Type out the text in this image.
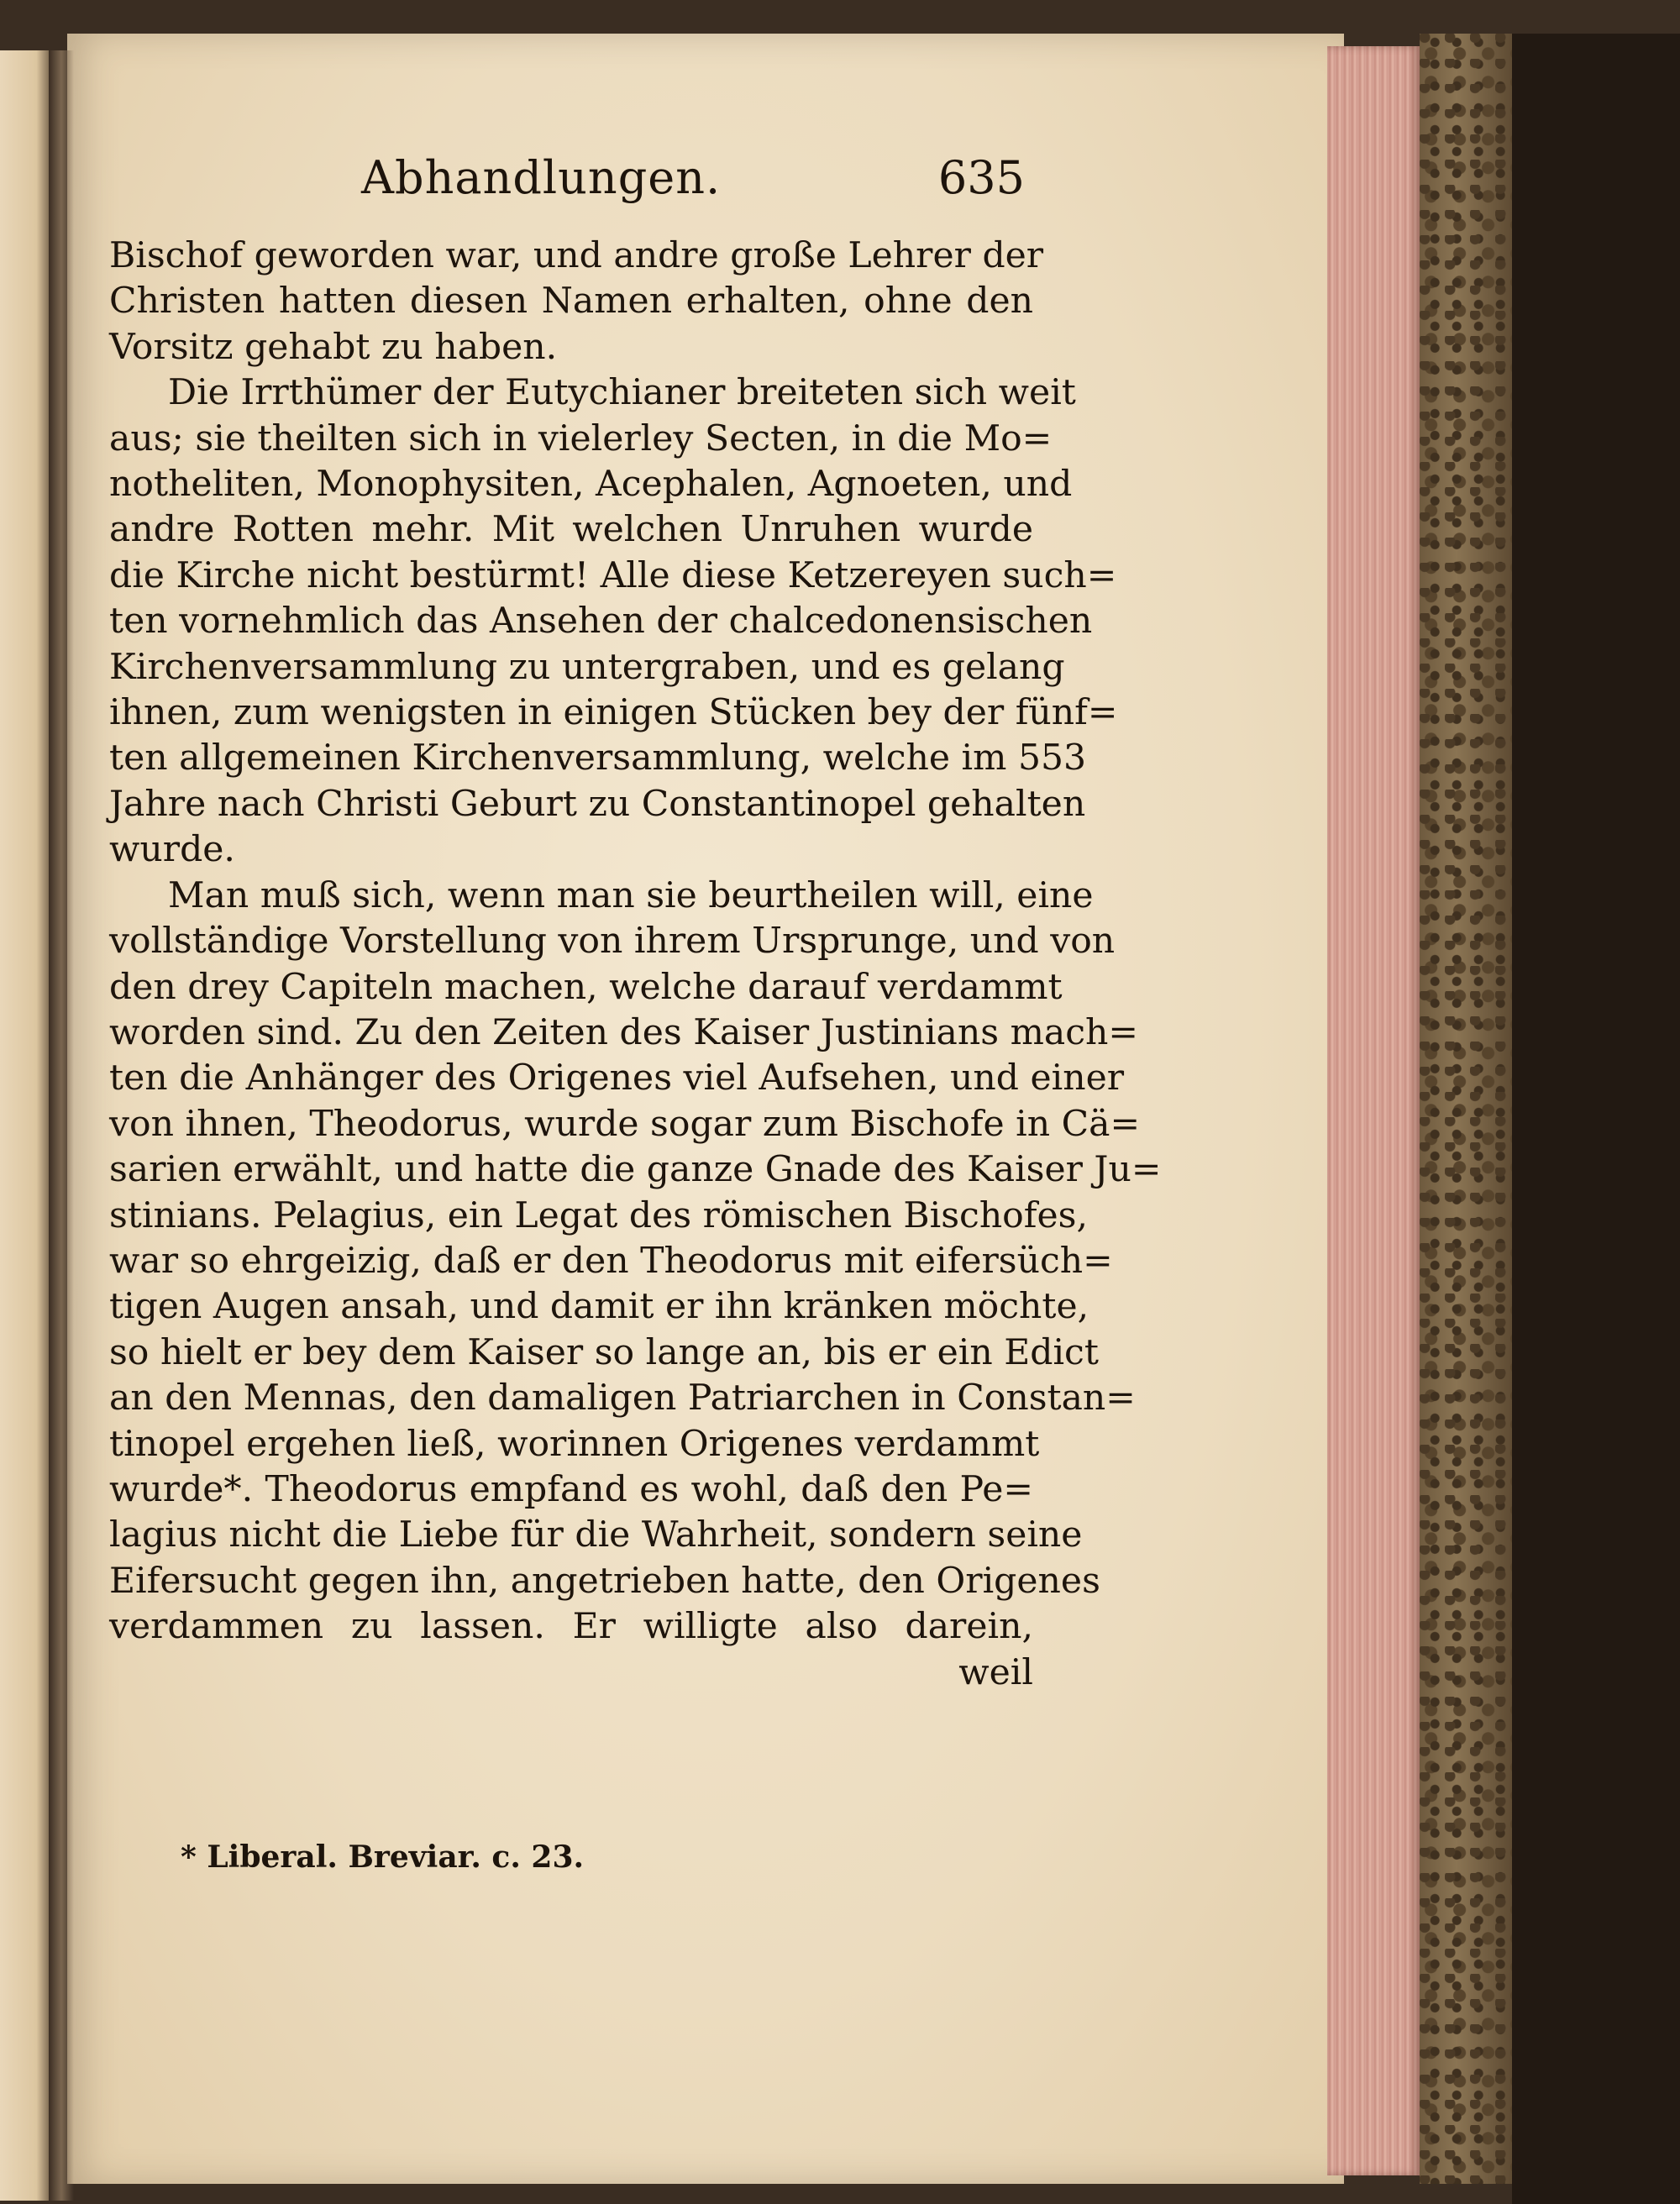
Abhandlungen.	635
Bischof geworden war, und andre große Lehrer der
Christen hatten diesen Namen erhalten, ohne den
Vorsitz gehabt zu haben.
Die Irrthümer der Eutychianer breiteten sich weit
aus; sie theilten sich in vielerley Secten, in die Mo=
notheliten, Monophysiten, Acephalen, Agnoeten, und
andre Rotten mehr. Mit welchen Unruhen wurde
die Kirche nicht bestürmt! Alle diese Ketzereyen such=
ten vornehmlich das Ansehen der chalcedonensischen
Kirchenversammlung zu untergraben, und es gelang
ihnen, zum wenigsten in einigen Stücken bey der fünf=
ten allgemeinen Kirchenversammlung, welche im 553
Jahre nach Christi Geburt zu Constantinopel gehalten
wurde.
Man muß sich, wenn man sie beurtheilen will, eine
vollständige Vorstellung von ihrem Ursprunge, und von
den drey Capiteln machen, welche darauf verdammt
worden sind. Zu den Zeiten des Kaiser Justinians mach=
ten die Anhänger des Origenes viel Aufsehen, und einer
von ihnen, Theodorus, wurde sogar zum Bischofe in Cä=
sarien erwählt, und hatte die ganze Gnade des Kaiser Ju=
stinians. Pelagius, ein Legat des römischen Bischofes,
war so ehrgeizig, daß er den Theodorus mit eifersüch=
tigen Augen ansah, und damit er ihn kränken möchte,
so hielt er bey dem Kaiser so lange an, bis er ein Edict
an den Mennas, den damaligen Patriarchen in Constan=
tinopel ergehen ließ, worinnen Origenes verdammt
wurde*. Theodorus empfand es wohl, daß den Pe=
lagius nicht die Liebe für die Wahrheit, sondern seine
Eifersucht gegen ihn, angetrieben hatte, den Origenes
verdammen zu lassen. Er willigte also darein,
weil
* Liberal. Breviar. c. 23.
